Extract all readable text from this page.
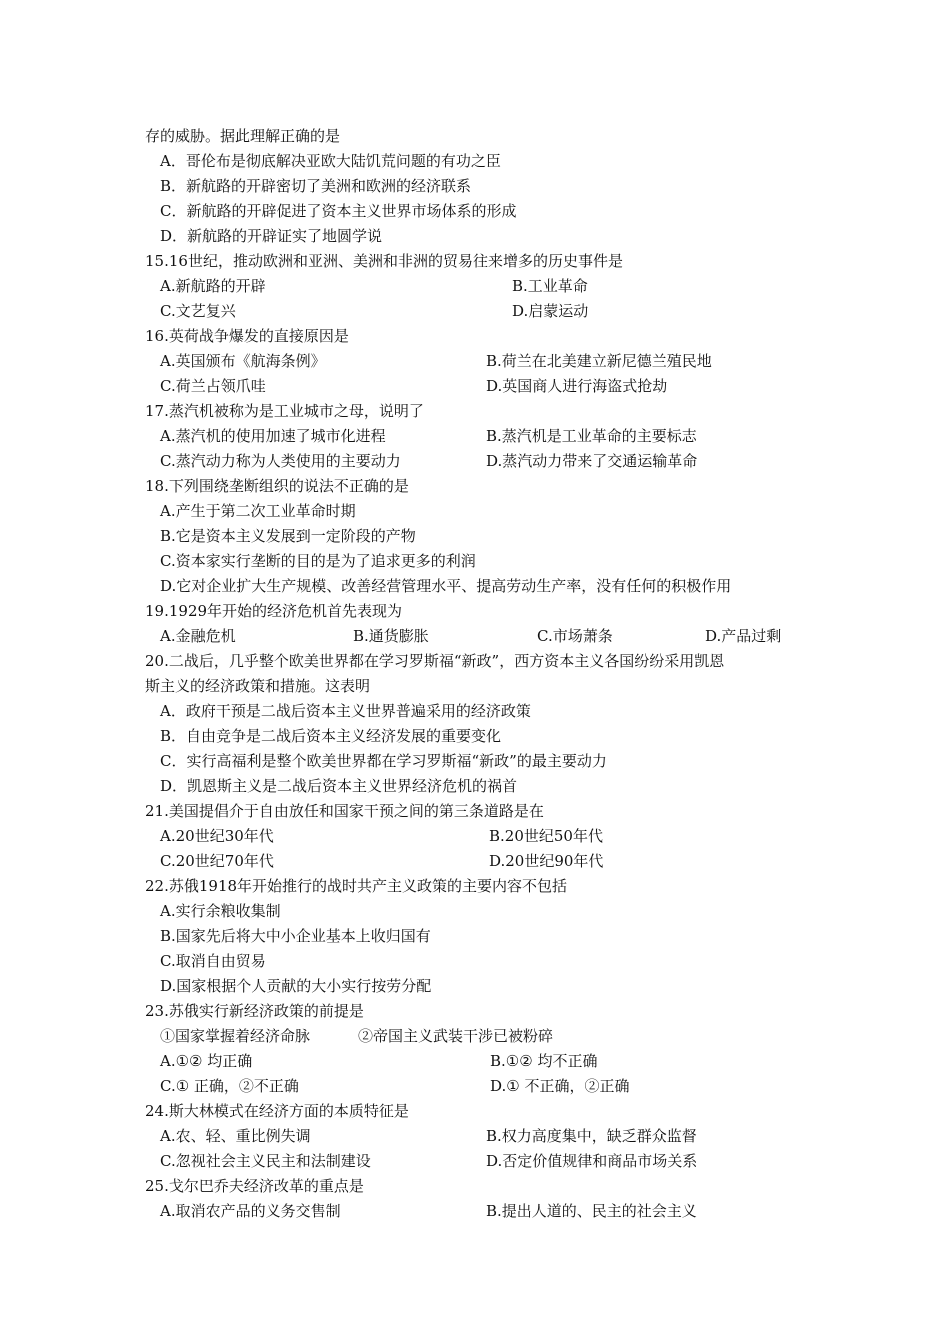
存的威胁。据此理解正确的是
A．哥伦布是彻底解决亚欧大陆饥荒问题的有功之臣
B．新航路的开辟密切了美洲和欧洲的经济联系
C．新航路的开辟促进了资本主义世界市场体系的形成
D．新航路的开辟证实了地圆学说
15.16世纪，推动欧洲和亚洲、美洲和非洲的贸易往来增多的历史事件是
A.新航路的开辟	B.工业革命
C.文艺复兴	D.启蒙运动
16.英荷战争爆发的直接原因是
A.英国颁布《航海条例》	B.荷兰在北美建立新尼德兰殖民地
C.荷兰占领爪哇	D.英国商人进行海盗式抢劫
17.蒸汽机被称为是工业城市之母，说明了
A.蒸汽机的使用加速了城市化进程	B.蒸汽机是工业革命的主要标志
C.蒸汽动力称为人类使用的主要动力	D.蒸汽动力带来了交通运输革命
18.下列围绕垄断组织的说法不正确的是
A.产生于第二次工业革命时期
B.它是资本主义发展到一定阶段的产物
C.资本家实行垄断的目的是为了追求更多的利润
D.它对企业扩大生产规模、改善经营管理水平、提高劳动生产率，没有任何的积极作用
19.1929年开始的经济危机首先表现为
A.金融危机	B.通货膨胀	C.市场萧条	D.产品过剩
20.二战后，几乎整个欧美世界都在学习罗斯福“新政”，西方资本主义各国纷纷采用凯恩
斯主义的经济政策和措施。这表明
A．政府干预是二战后资本主义世界普遍采用的经济政策
B．自由竞争是二战后资本主义经济发展的重要变化
C．实行高福利是整个欧美世界都在学习罗斯福“新政”的最主要动力
D．凯恩斯主义是二战后资本主义世界经济危机的祸首
21.美国提倡介于自由放任和国家干预之间的第三条道路是在
A.20世纪30年代	B.20世纪50年代
C.20世纪70年代	D.20世纪90年代
22.苏俄1918年开始推行的战时共产主义政策的主要内容不包括
A.实行余粮收集制
B.国家先后将大中小企业基本上收归国有
C.取消自由贸易
D.国家根据个人贡献的大小实行按劳分配
23.苏俄实行新经济政策的前提是
①国家掌握着经济命脉	②帝国主义武装干涉已被粉碎
A.①② 均正确	B.①② 均不正确
C.① 正确，②不正确	D.① 不正确，②正确
24.斯大林模式在经济方面的本质特征是
A.农、轻、重比例失调	B.权力高度集中，缺乏群众监督
C.忽视社会主义民主和法制建设	D.否定价值规律和商品市场关系
25.戈尔巴乔夫经济改革的重点是
A.取消农产品的义务交售制	B.提出人道的、民主的社会主义
